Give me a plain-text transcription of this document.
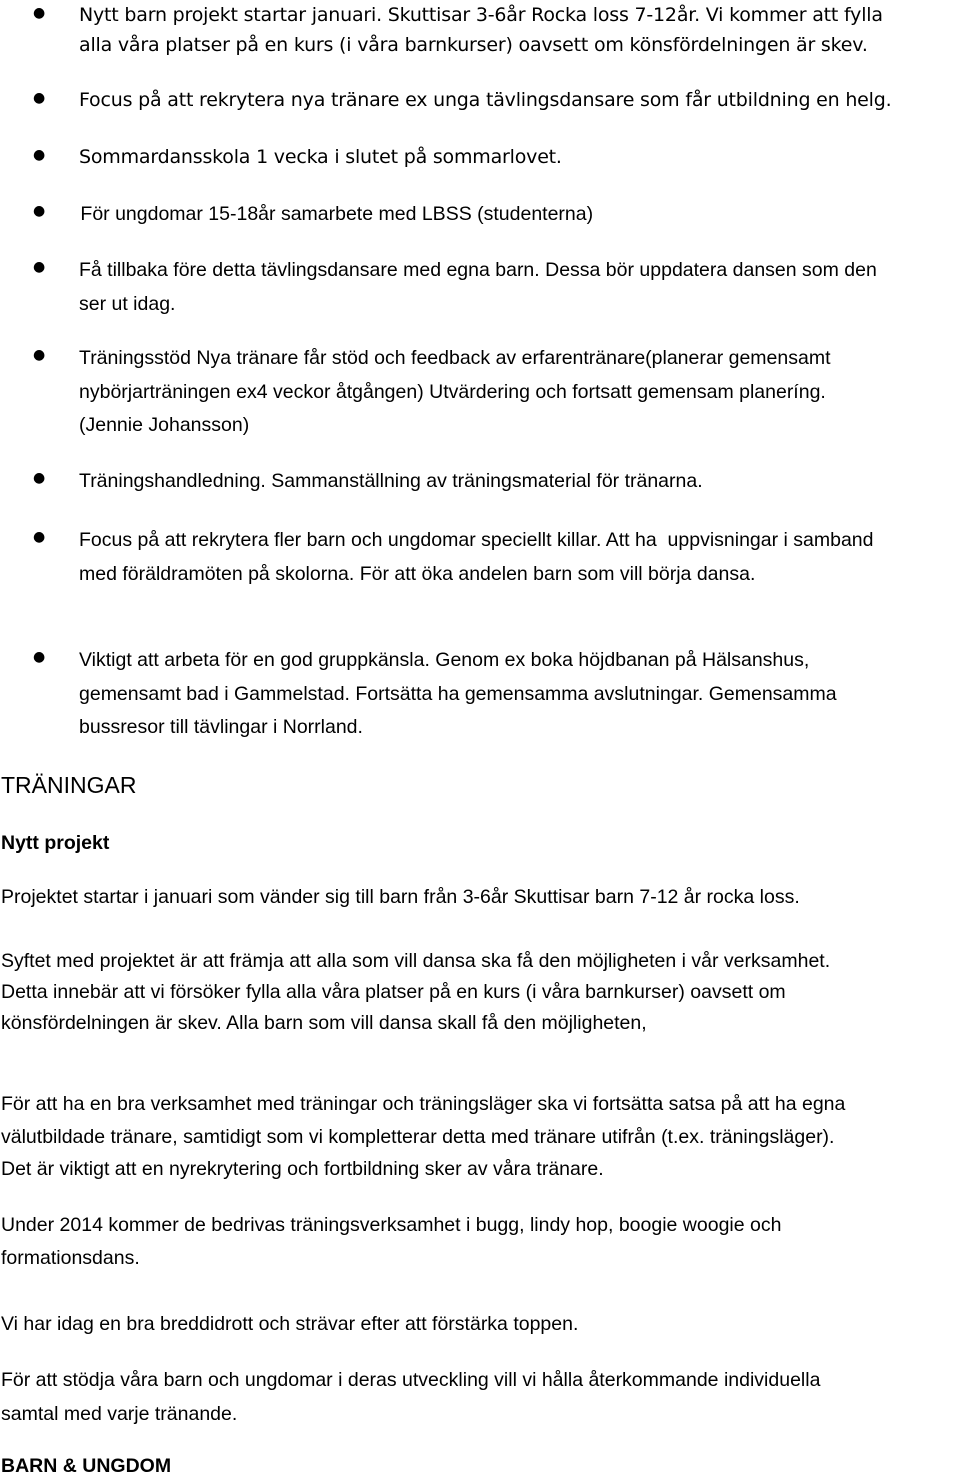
● Nytt barn projekt startar januari. Skuttisar 3-6år Rocka loss 7-12år. Vi kommer att fylla
alla våra platser på en kurs (i våra barnkurser) oavsett om könsfördelningen är skev.
● Focus på att rekrytera nya tränare ex unga tävlingsdansare som får utbildning en helg.
● Sommardansskola 1 vecka i slutet på sommarlovet.
● För ungdomar 15-18år samarbete med LBSS (studenterna)
● Få tillbaka före detta tävlingsdansare med egna barn. Dessa bör uppdatera dansen som den
ser ut idag.
● Träningsstöd Nya tränare får stöd och feedback av erfarentränare(planerar gemensamt
nybörjarträningen ex4 veckor åtgången) Utvärdering och fortsatt gemensam planeríng.
(Jennie Johansson)
● Träningshandledning. Sammanställning av träningsmaterial för tränarna.
● Focus på att rekrytera fler barn och ungdomar speciellt killar. Att ha  uppvisningar i samband
med föräldramöten på skolorna. För att öka andelen barn som vill börja dansa.
● Viktigt att arbeta för en god gruppkänsla. Genom ex boka höjdbanan på Hälsanshus,
gemensamt bad i Gammelstad. Fortsätta ha gemensamma avslutningar. Gemensamma
bussresor till tävlingar i Norrland.
TRÄNINGAR
Nytt projekt
Projektet startar i januari som vänder sig till barn från 3-6år Skuttisar barn 7-12 år rocka loss.
Syftet med projektet är att främja att alla som vill dansa ska få den möjligheten i vår verksamhet.
Detta innebär att vi försöker fylla alla våra platser på en kurs (i våra barnkurser) oavsett om
könsfördelningen är skev. Alla barn som vill dansa skall få den möjligheten,
För att ha en bra verksamhet med träningar och träningsläger ska vi fortsätta satsa på att ha egna
välutbildade tränare, samtidigt som vi kompletterar detta med tränare utifrån (t.ex. träningsläger).
Det är viktigt att en nyrekrytering och fortbildning sker av våra tränare.
Under 2014 kommer de bedrivas träningsverksamhet i bugg, lindy hop, boogie woogie och
formationsdans.
Vi har idag en bra breddidrott och strävar efter att förstärka toppen.
För att stödja våra barn och ungdomar i deras utveckling vill vi hålla återkommande individuella
samtal med varje tränande.
BARN & UNGDOM
